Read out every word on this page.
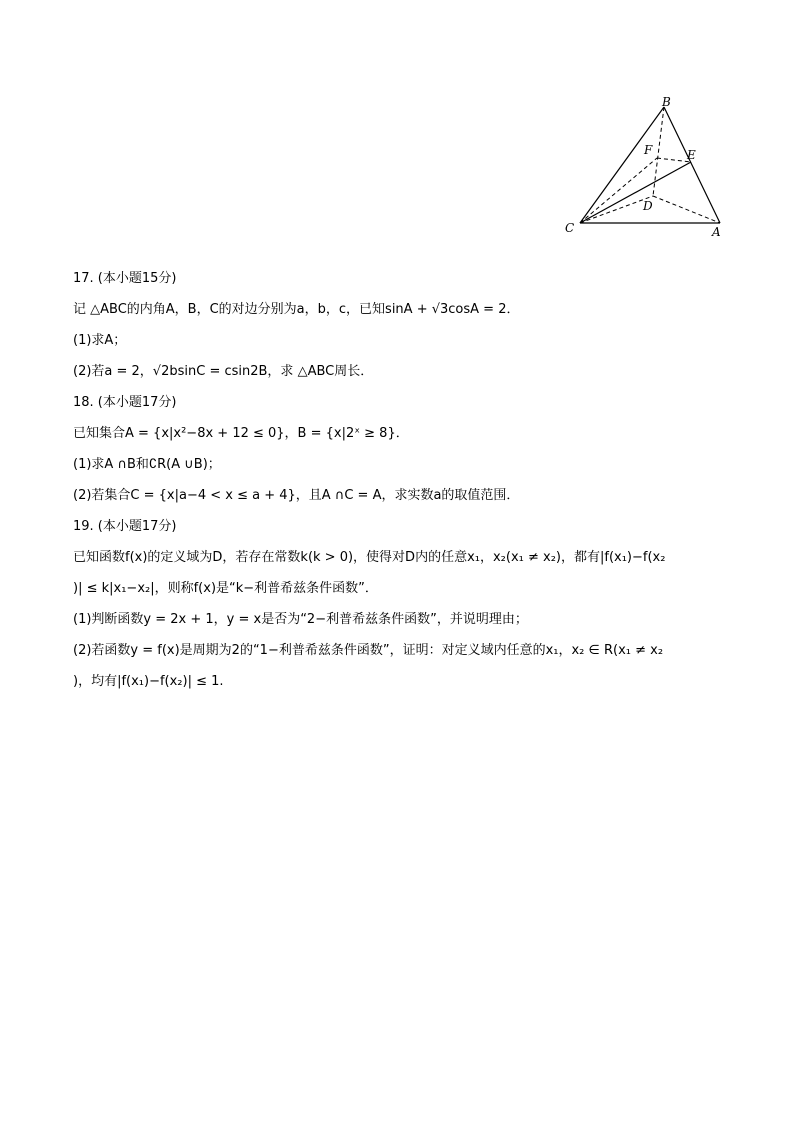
B
F	E
D
C	A
17. (本小题15分)
记 △ABC的内角A，B，C的对边分别为a，b，c，已知sinA + √3cosA = 2．
(1)求A；
(2)若a = 2，√2bsinC = csin2B，求 △ABC周长．
18. (本小题17分)
已知集合A = {x|x²−8x + 12 ≤ 0}，B = {x|2ˣ ≥ 8}．
(1)求A ∩B和∁R(A ∪B)；
(2)若集合C = {x|a−4 < x ≤ a + 4}，且A ∩C = A，求实数a的取值范围．
19. (本小题17分)
已知函数f(x)的定义域为D，若存在常数k(k > 0)，使得对D内的任意x₁，x₂(x₁ ≠ x₂)，都有|f(x₁)−f(x₂
)| ≤ k|x₁−x₂|，则称f(x)是“k−利普希兹条件函数”．
(1)判断函数y = 2x + 1，y = x是否为“2−利普希兹条件函数”，并说明理由；
(2)若函数y = f(x)是周期为2的“1−利普希兹条件函数”，证明：对定义域内任意的x₁，x₂ ∈ R(x₁ ≠ x₂
)，均有|f(x₁)−f(x₂)| ≤ 1.
